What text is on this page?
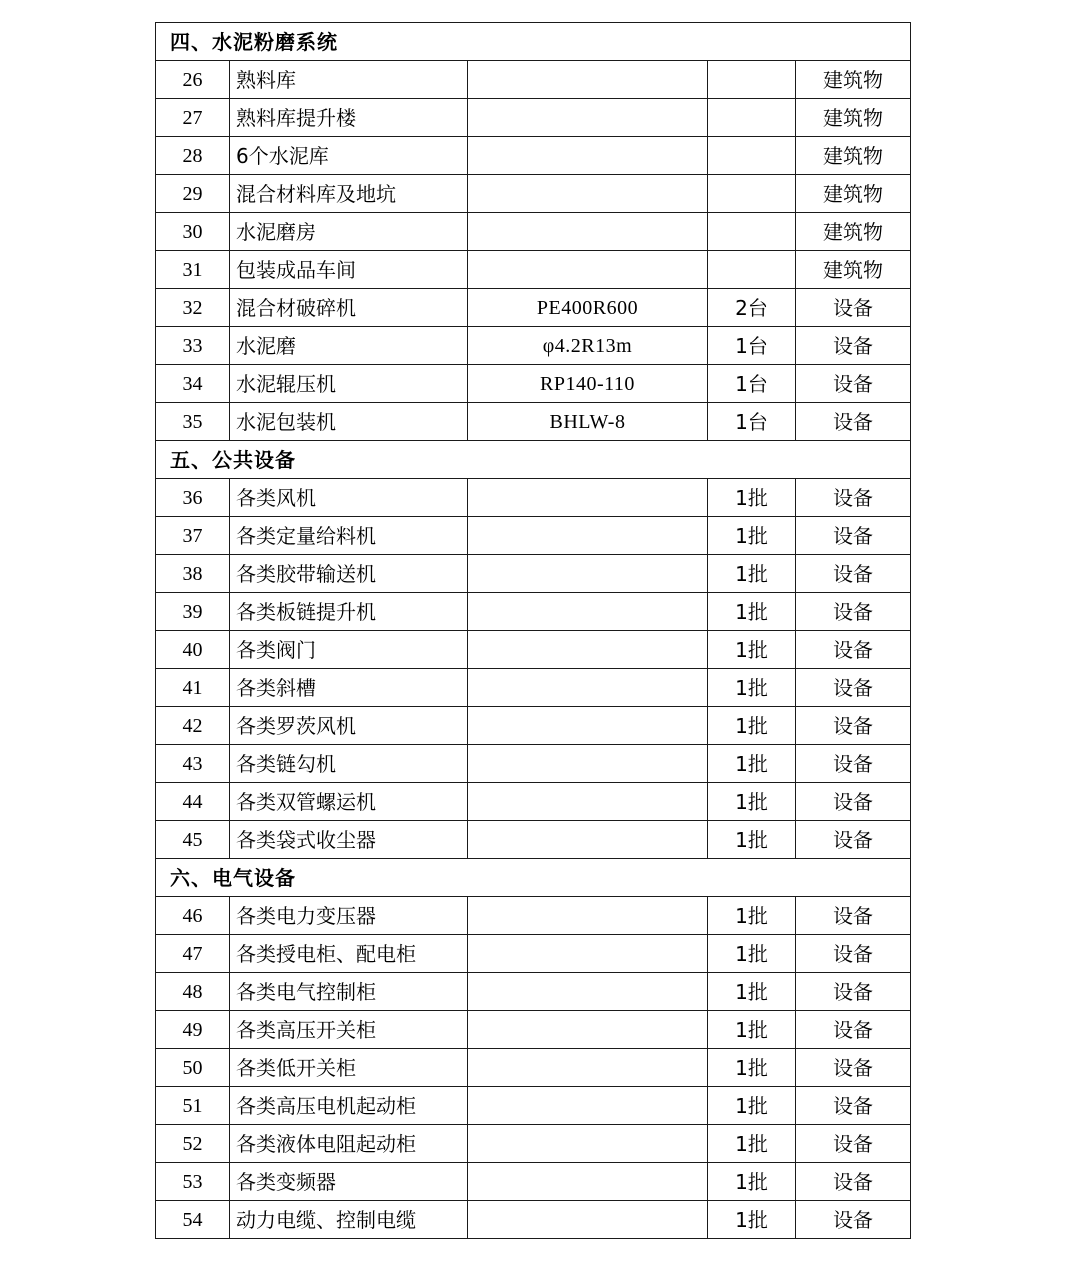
四、水泥粉磨系统				
26	熟料库			建筑物
27	熟料库提升楼			建筑物
28	6个水泥库			建筑物
29	混合材料库及地坑			建筑物
30	水泥磨房			建筑物
31	包装成品车间			建筑物
32	混合材破碎机	PE400R600	2台	设备
33	水泥磨	φ4.2R13m	1台	设备
34	水泥辊压机	RP140-110	1台	设备
35	水泥包装机	BHLW-8	1台	设备
五、公共设备				
36	各类风机		1批	设备
37	各类定量给料机		1批	设备
38	各类胶带输送机		1批	设备
39	各类板链提升机		1批	设备
40	各类阀门		1批	设备
41	各类斜槽		1批	设备
42	各类罗茨风机		1批	设备
43	各类链勾机		1批	设备
44	各类双管螺运机		1批	设备
45	各类袋式收尘器		1批	设备
六、电气设备				
46	各类电力变压器		1批	设备
47	各类授电柜、配电柜		1批	设备
48	各类电气控制柜		1批	设备
49	各类高压开关柜		1批	设备
50	各类低开关柜		1批	设备
51	各类高压电机起动柜		1批	设备
52	各类液体电阻起动柜		1批	设备
53	各类变频器		1批	设备
54	动力电缆、控制电缆		1批	设备
